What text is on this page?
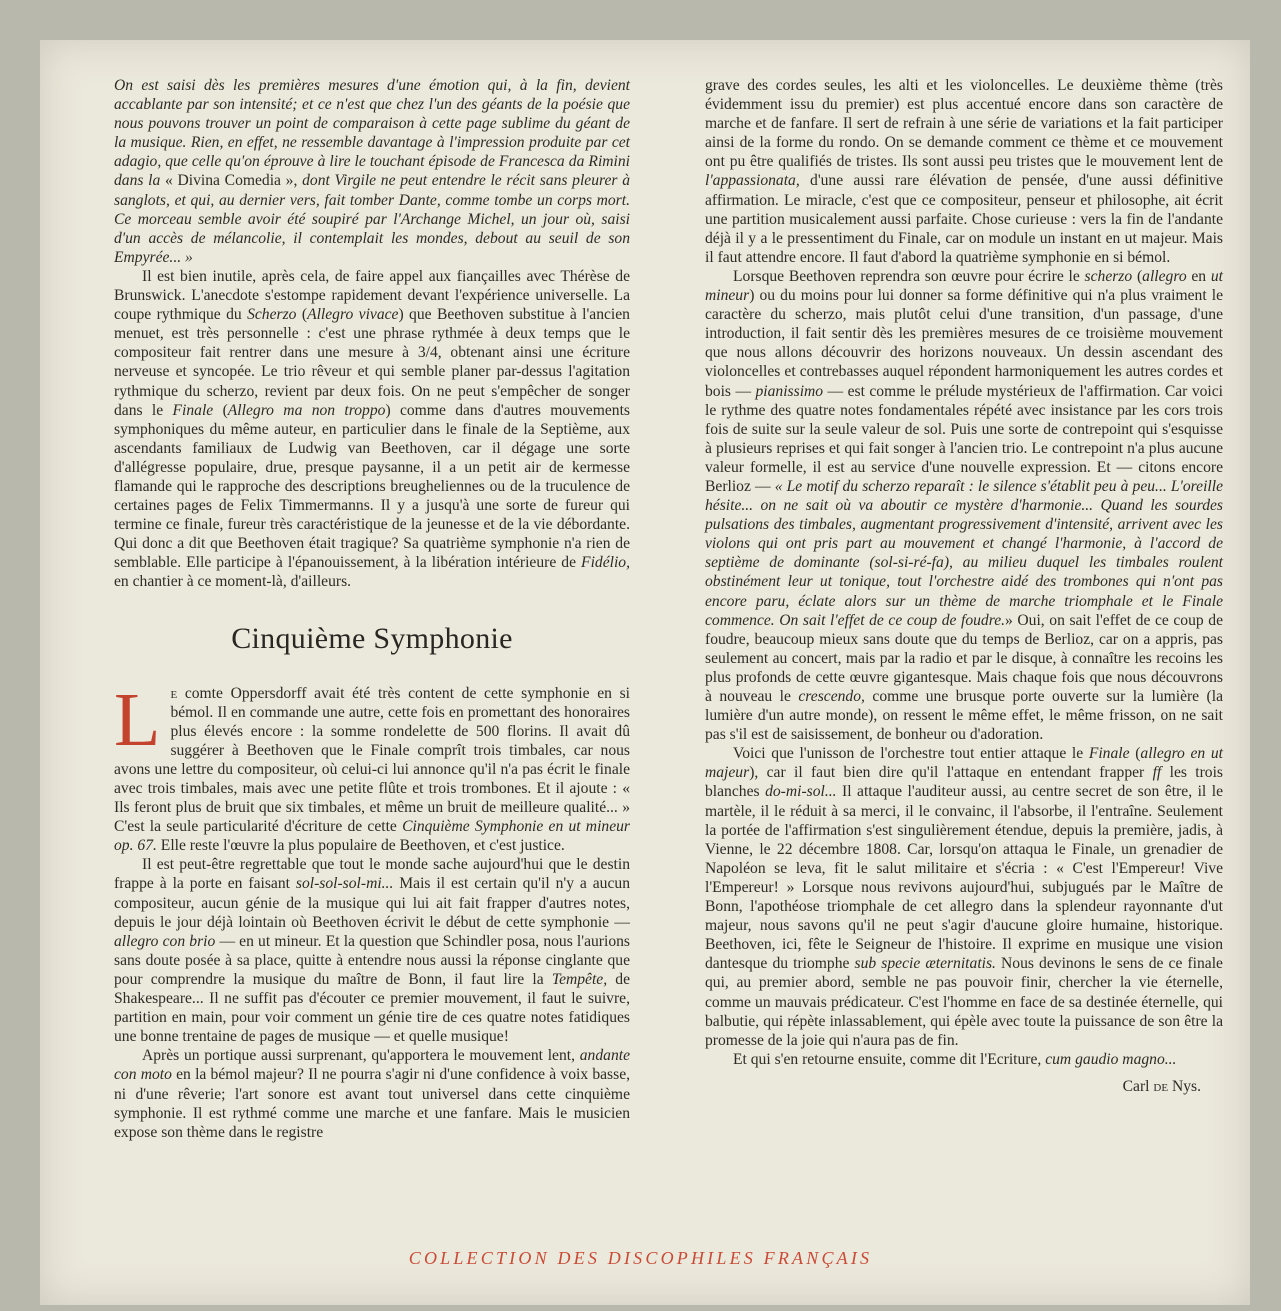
On est saisi dès les premières mesures d'une émotion qui, à la fin, devient accablante par son intensité; et ce n'est que chez l'un des géants de la poésie que nous pouvons trouver un point de comparaison à cette page sublime du géant de la musique. Rien, en effet, ne ressemble davantage à l'impression produite par cet adagio, que celle qu'on éprouve à lire le touchant épisode de Francesca da Rimini dans la « Divina Comedia », dont Virgile ne peut entendre le récit sans pleurer à sanglots, et qui, au dernier vers, fait tomber Dante, comme tombe un corps mort. Ce morceau semble avoir été soupiré par l'Archange Michel, un jour où, saisi d'un accès de mélancolie, il contemplait les mondes, debout au seuil de son Empyrée... »

Il est bien inutile, après cela, de faire appel aux fiançailles avec Thérèse de Brunswick. L'anecdote s'estompe rapidement devant l'expérience universelle. La coupe rythmique du Scherzo (Allegro vivace) que Beethoven substitue à l'ancien menuet, est très personnelle : c'est une phrase rythmée à deux temps que le compositeur fait rentrer dans une mesure à 3/4, obtenant ainsi une écriture nerveuse et syncopée. Le trio rêveur et qui semble planer par-dessus l'agitation rythmique du scherzo, revient par deux fois. On ne peut s'empêcher de songer dans le Finale (Allegro ma non troppo) comme dans d'autres mouvements symphoniques du même auteur, en particulier dans le finale de la Septième, aux ascendants familiaux de Ludwig van Beethoven, car il dégage une sorte d'allégresse populaire, drue, presque paysanne, il a un petit air de kermesse flamande qui le rapproche des descriptions breugheliennes ou de la truculence de certaines pages de Felix Timmermanns. Il y a jusqu'à une sorte de fureur qui termine ce finale, fureur très caractéristique de la jeunesse et de la vie débordante. Qui donc a dit que Beethoven était tragique? Sa quatrième symphonie n'a rien de semblable. Elle participe à l'épanouissement, à la libération intérieure de Fidélio, en chantier à ce moment-là, d'ailleurs.

Cinquième Symphonie

Le comte Oppersdorff avait été très content de cette symphonie en si bémol. Il en commande une autre, cette fois en promettant des honoraires plus élevés encore : la somme rondelette de 500 florins. Il avait dû suggérer à Beethoven que le Finale comprît trois timbales, car nous avons une lettre du compositeur, où celui-ci lui annonce qu'il n'a pas écrit le finale avec trois timbales, mais avec une petite flûte et trois trombones. Et il ajoute : « Ils feront plus de bruit que six timbales, et même un bruit de meilleure qualité... » C'est la seule particularité d'écriture de cette Cinquième Symphonie en ut mineur op. 67. Elle reste l'œuvre la plus populaire de Beethoven, et c'est justice.

Il est peut-être regrettable que tout le monde sache aujourd'hui que le destin frappe à la porte en faisant sol-sol-sol-mi... Mais il est certain qu'il n'y a aucun compositeur, aucun génie de la musique qui lui ait fait frapper d'autres notes, depuis le jour déjà lointain où Beethoven écrivit le début de cette symphonie — allegro con brio — en ut mineur. Et la question que Schindler posa, nous l'aurions sans doute posée à sa place, quitte à entendre nous aussi la réponse cinglante que pour comprendre la musique du maître de Bonn, il faut lire la Tempête, de Shakespeare... Il ne suffit pas d'écouter ce premier mouvement, il faut le suivre, partition en main, pour voir comment un génie tire de ces quatre notes fatidiques une bonne trentaine de pages de musique — et quelle musique!

Après un portique aussi surprenant, qu'apportera le mouvement lent, andante con moto en la bémol majeur? Il ne pourra s'agir ni d'une confidence à voix basse, ni d'une rêverie; l'art sonore est avant tout universel dans cette cinquième symphonie. Il est rythmé comme une marche et une fanfare. Mais le musicien expose son thème dans le registre

grave des cordes seules, les alti et les violoncelles. Le deuxième thème (très évidemment issu du premier) est plus accentué encore dans son caractère de marche et de fanfare. Il sert de refrain à une série de variations et la fait participer ainsi de la forme du rondo. On se demande comment ce thème et ce mouvement ont pu être qualifiés de tristes. Ils sont aussi peu tristes que le mouvement lent de l'appassionata, d'une aussi rare élévation de pensée, d'une aussi définitive affirmation. Le miracle, c'est que ce compositeur, penseur et philosophe, ait écrit une partition musicalement aussi parfaite. Chose curieuse : vers la fin de l'andante déjà il y a le pressentiment du Finale, car on module un instant en ut majeur. Mais il faut attendre encore. Il faut d'abord la quatrième symphonie en si bémol.

Lorsque Beethoven reprendra son œuvre pour écrire le scherzo (allegro en ut mineur) ou du moins pour lui donner sa forme définitive qui n'a plus vraiment le caractère du scherzo, mais plutôt celui d'une transition, d'un passage, d'une introduction, il fait sentir dès les premières mesures de ce troisième mouvement que nous allons découvrir des horizons nouveaux. Un dessin ascendant des violoncelles et contrebasses auquel répondent harmoniquement les autres cordes et bois — pianissimo — est comme le prélude mystérieux de l'affirmation. Car voici le rythme des quatre notes fondamentales répété avec insistance par les cors trois fois de suite sur la seule valeur de sol. Puis une sorte de contrepoint qui s'esquisse à plusieurs reprises et qui fait songer à l'ancien trio. Le contrepoint n'a plus aucune valeur formelle, il est au service d'une nouvelle expression. Et — citons encore Berlioz — « Le motif du scherzo reparaît : le silence s'établit peu à peu... L'oreille hésite... on ne sait où va aboutir ce mystère d'harmonie... Quand les sourdes pulsations des timbales, augmentant progressivement d'intensité, arrivent avec les violons qui ont pris part au mouvement et changé l'harmonie, à l'accord de septième de dominante (sol-si-ré-fa), au milieu duquel les timbales roulent obstinément leur ut tonique, tout l'orchestre aidé des trombones qui n'ont pas encore paru, éclate alors sur un thème de marche triomphale et le Finale commence. On sait l'effet de ce coup de foudre.» Oui, on sait l'effet de ce coup de foudre, beaucoup mieux sans doute que du temps de Berlioz, car on a appris, pas seulement au concert, mais par la radio et par le disque, à connaître les recoins les plus profonds de cette œuvre gigantesque. Mais chaque fois que nous découvrons à nouveau le crescendo, comme une brusque porte ouverte sur la lumière (la lumière d'un autre monde), on ressent le même effet, le même frisson, on ne sait pas s'il est de saisissement, de bonheur ou d'adoration.

Voici que l'unisson de l'orchestre tout entier attaque le Finale (allegro en ut majeur), car il faut bien dire qu'il l'attaque en entendant frapper ff les trois blanches do-mi-sol... Il attaque l'auditeur aussi, au centre secret de son être, il le martèle, il le réduit à sa merci, il le convainc, il l'absorbe, il l'entraîne. Seulement la portée de l'affirmation s'est singulièrement étendue, depuis la première, jadis, à Vienne, le 22 décembre 1808. Car, lorsqu'on attaqua le Finale, un grenadier de Napoléon se leva, fit le salut militaire et s'écria : « C'est l'Empereur! Vive l'Empereur! » Lorsque nous revivons aujourd'hui, subjugués par le Maître de Bonn, l'apothéose triomphale de cet allegro dans la splendeur rayonnante d'ut majeur, nous savons qu'il ne peut s'agir d'aucune gloire humaine, historique. Beethoven, ici, fête le Seigneur de l'histoire. Il exprime en musique une vision dantesque du triomphe sub specie æternitatis. Nous devinons le sens de ce finale qui, au premier abord, semble ne pas pouvoir finir, chercher la vie éternelle, comme un mauvais prédicateur. C'est l'homme en face de sa destinée éternelle, qui balbutie, qui répète inlassablement, qui épèle avec toute la puissance de son être la promesse de la joie qui n'aura pas de fin.

Et qui s'en retourne ensuite, comme dit l'Ecriture, cum gaudio magno...

Carl de Nys.

COLLECTION DES DISCOPHILES FRANÇAIS
